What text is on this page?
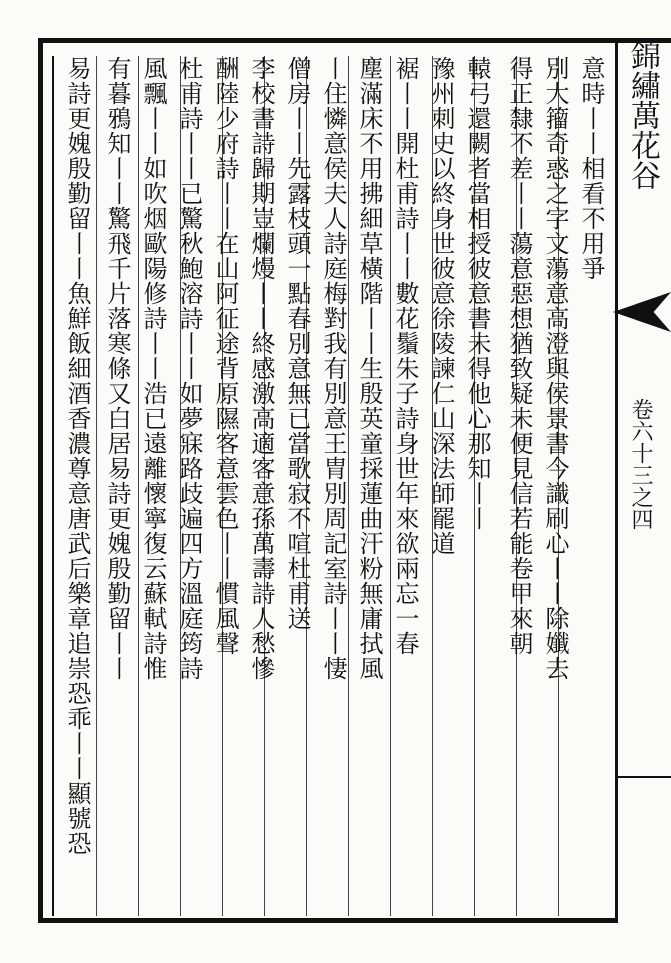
錦繡萬花谷
卷六十三之四
意時丨丨相看不用爭
別大籀奇惑之字文蕩意高澄與侯景書今識刷心丨丨除孅去
得正隸不差丨丨蕩意惡想猶致疑未便見信若能卷甲來朝
轅弓還闕者當相授彼意書未得他心那知丨丨
豫州刺史以終身世彼意徐陵諫仁山深法師罷道
裾丨丨開杜甫詩丨丨數花鬚朱子詩身世年來欲兩忘一春
塵滿床不用拂細草橫階丨丨生殷英童採蓮曲汗粉無庸拭風
丨住憐意侯夫人詩庭梅對我有別意王胄別周記室詩丨丨悽
僧房丨丨先露枝頭一點春別意無已當歌寂不喧杜甫送
李校書詩歸期豈爛熳丨丨終感激高適客意孫萬壽詩人愁慘
酬陸少府詩丨丨在山阿征途背原隰客意雲色丨丨慣風聲
杜甫詩丨丨已驚秋鮑溶詩丨丨如夢寐路歧遍四方溫庭筠詩
風飄丨丨如吹烟歐陽修詩丨丨浩已遠離懷寧復云蘇軾詩惟
有暮鴉知丨丨驚飛千片落寒條又白居易詩更媿殷勤留丨丨
易詩更媿殷勤留丨丨魚鮮飯細酒香濃尊意唐武后樂章追崇恐乖丨丨顯號恐
